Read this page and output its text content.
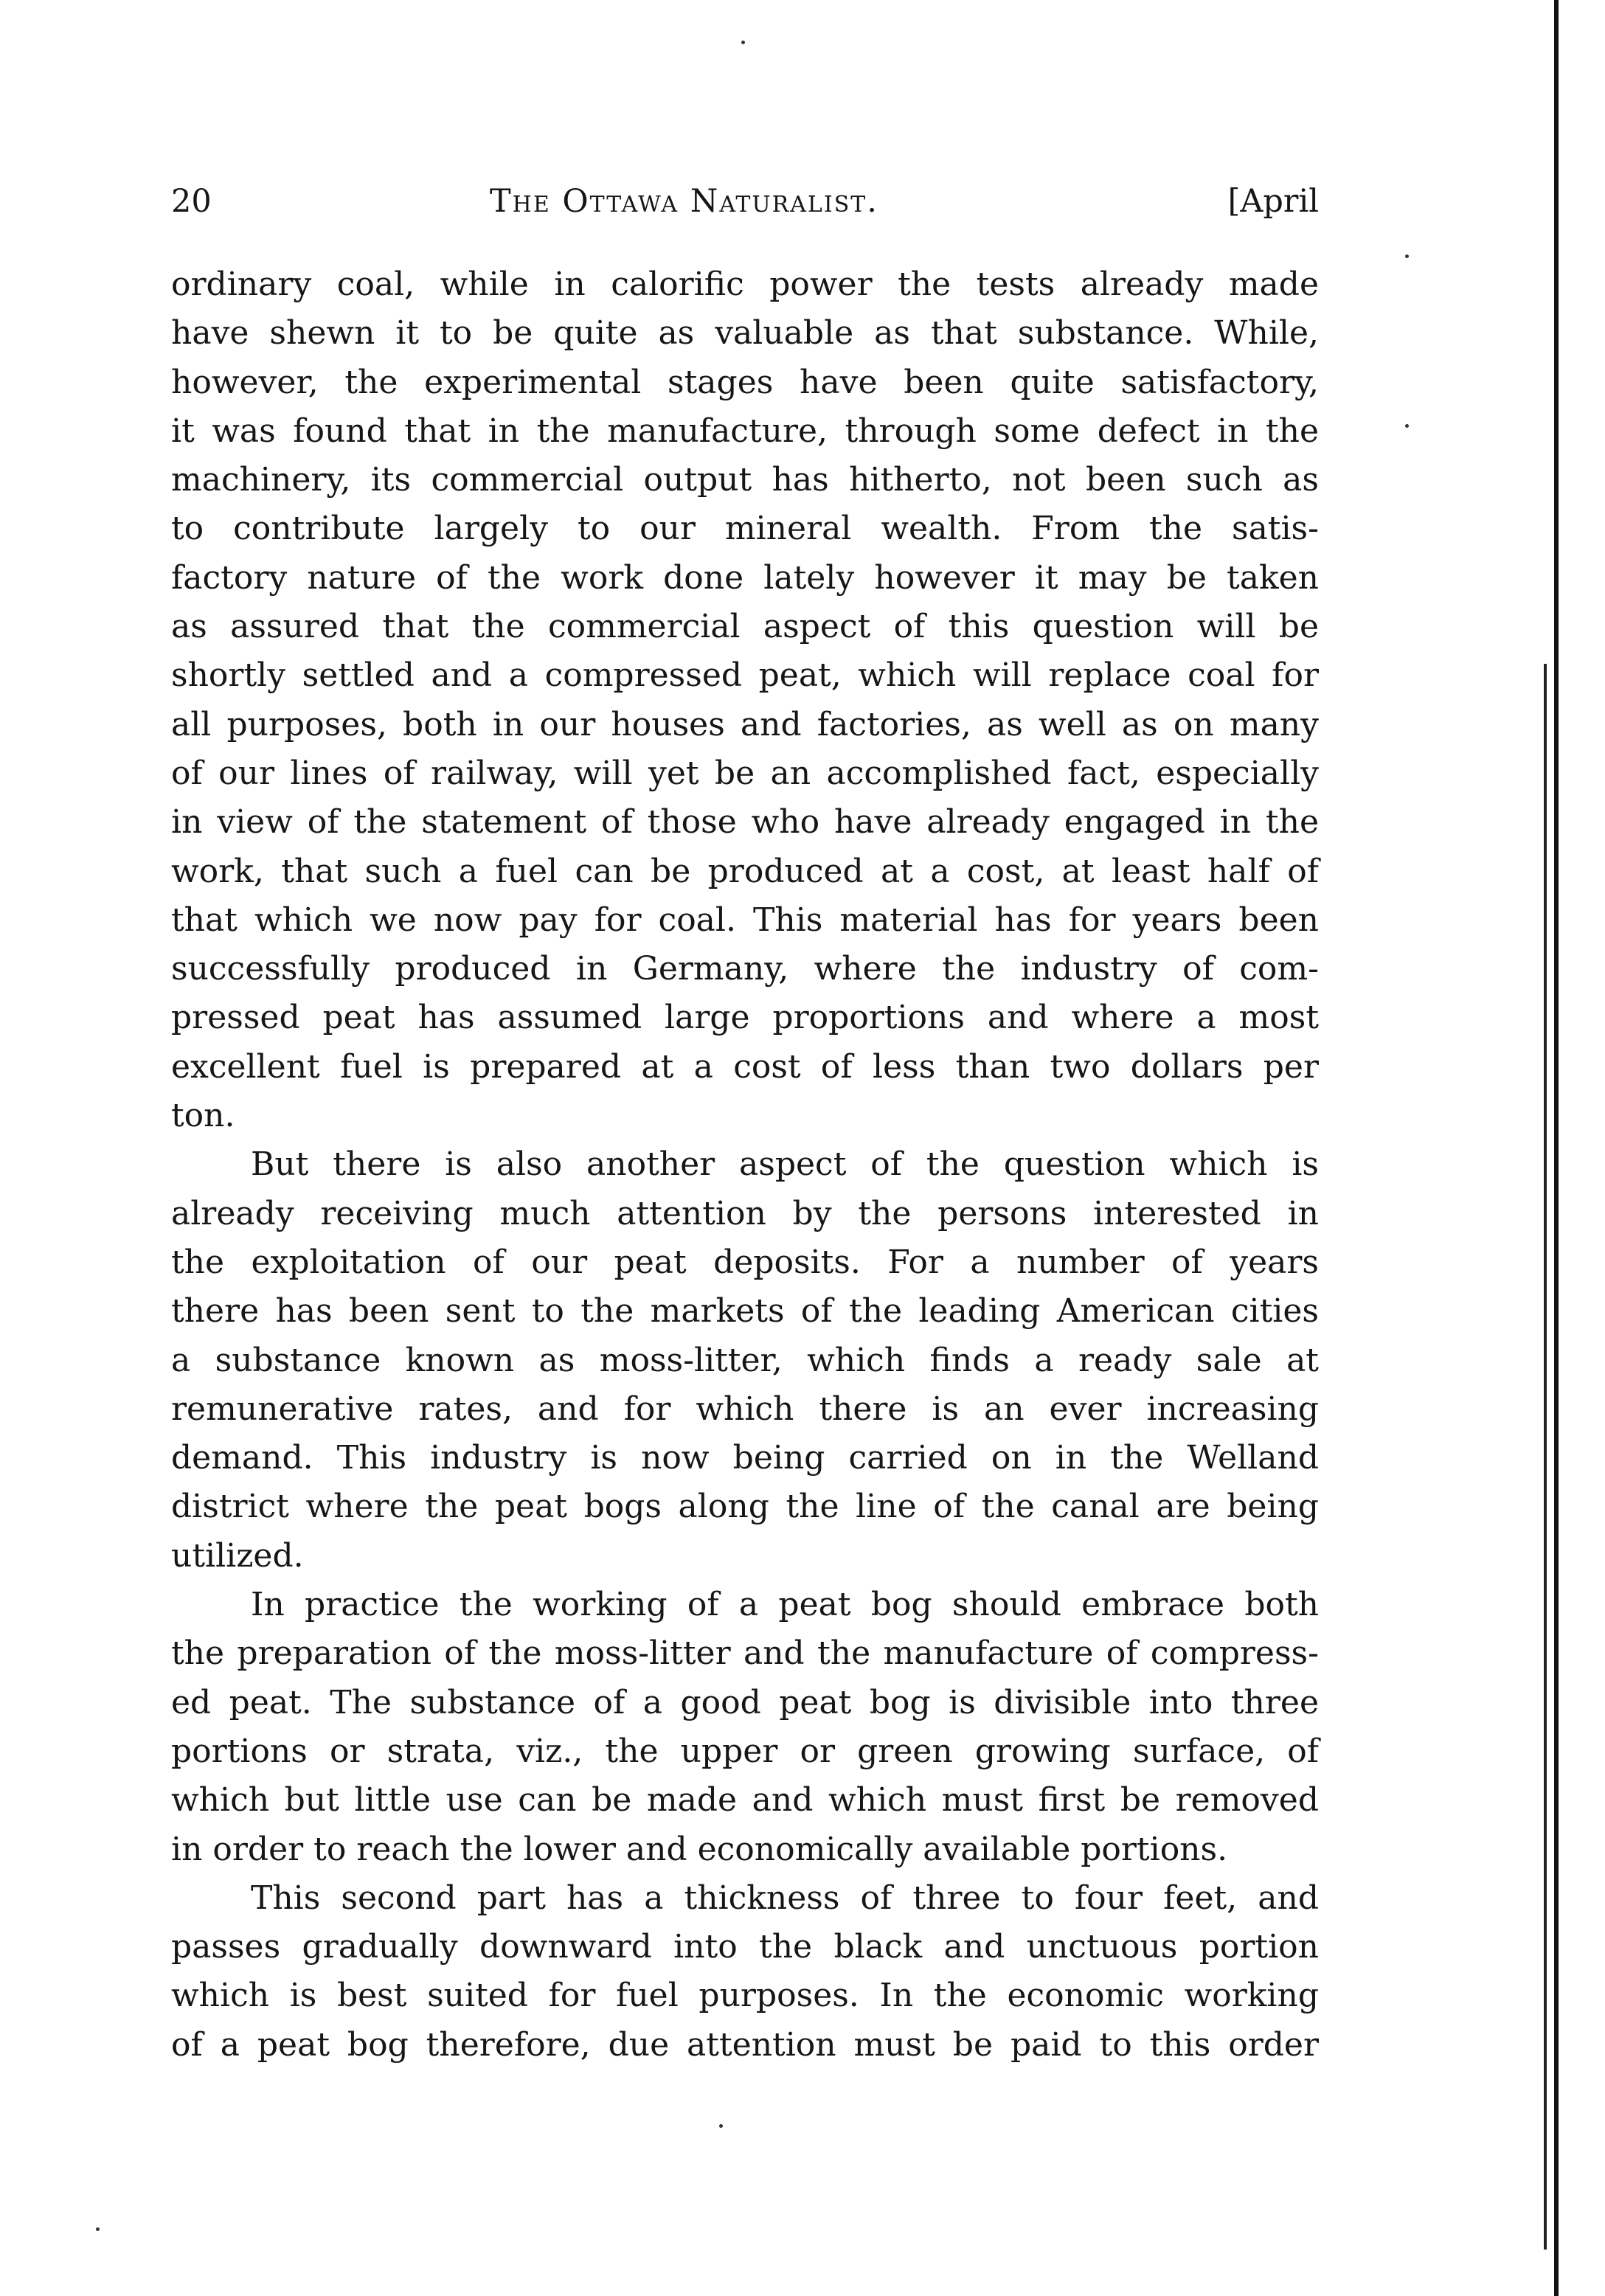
20	The Ottawa Naturalist.	[April
ordinary coal, while in calorific power the tests already made
have shewn it to be quite as valuable as that substance. While,
however, the experimental stages have been quite satisfactory,
it was found that in the manufacture, through some defect in the
machinery, its commercial output has hitherto, not been such as
to contribute largely to our mineral wealth. From the satis-
factory nature of the work done lately however it may be taken
as assured that the commercial aspect of this question will be
shortly settled and a compressed peat, which will replace coal for
all purposes, both in our houses and factories, as well as on many
of our lines of railway, will yet be an accomplished fact, especially
in view of the statement of those who have already engaged in the
work, that such a fuel can be produced at a cost, at least half of
that which we now pay for coal. This material has for years been
successfully produced in Germany, where the industry of com-
pressed peat has assumed large proportions and where a most
excellent fuel is prepared at a cost of less than two dollars per
ton.
But there is also another aspect of the question which is
already receiving much attention by the persons interested in
the exploitation of our peat deposits. For a number of years
there has been sent to the markets of the leading American cities
a substance known as moss-litter, which finds a ready sale at
remunerative rates, and for which there is an ever increasing
demand. This industry is now being carried on in the Welland
district where the peat bogs along the line of the canal are being
utilized.
In practice the working of a peat bog should embrace both
the preparation of the moss-litter and the manufacture of compress-
ed peat. The substance of a good peat bog is divisible into three
portions or strata, viz., the upper or green growing surface, of
which but little use can be made and which must first be removed
in order to reach the lower and economically available portions.
This second part has a thickness of three to four feet, and
passes gradually downward into the black and unctuous portion
which is best suited for fuel purposes. In the economic working
of a peat bog therefore, due attention must be paid to this order
